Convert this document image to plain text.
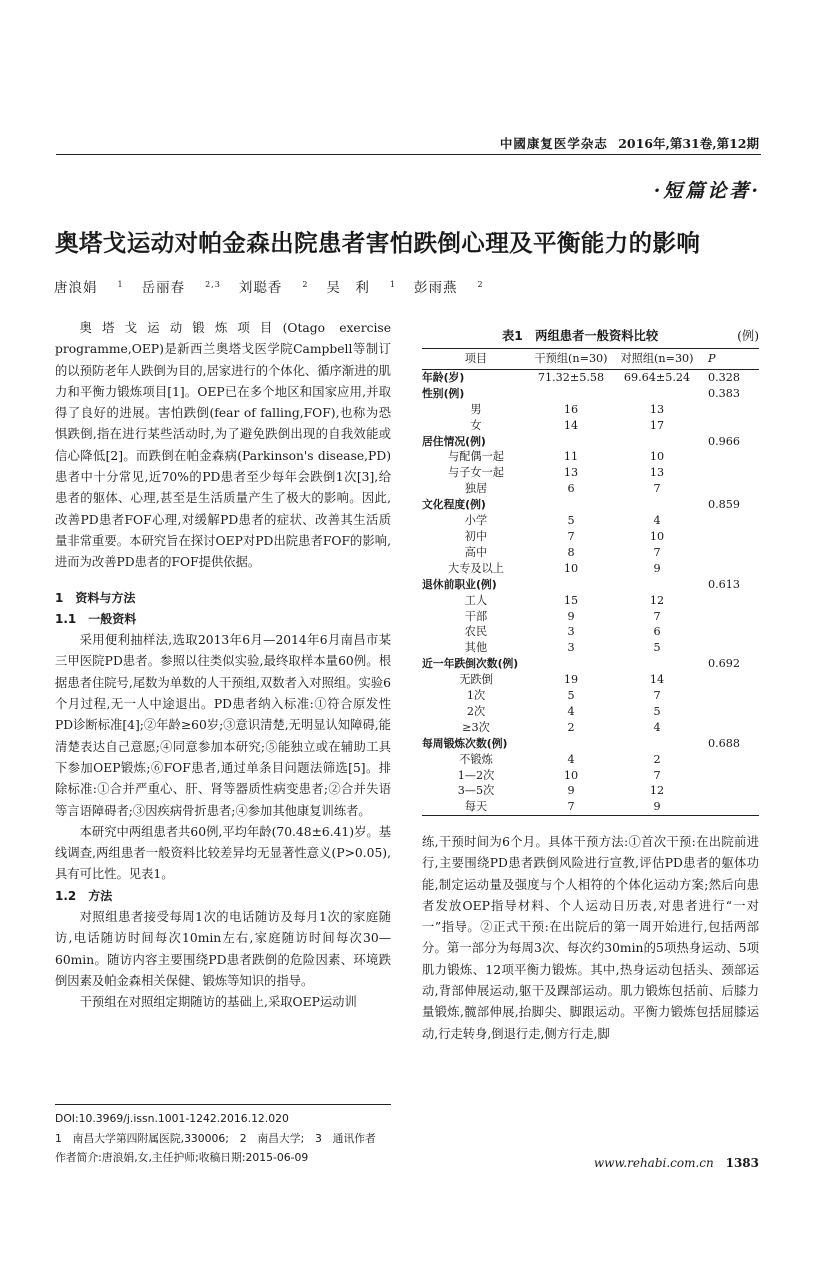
中國康复医学杂志 2016年,第31卷,第12期
·短篇论著·
奥塔戈运动对帕金森出院患者害怕跌倒心理及平衡能力的影响
唐浪娟	$^1$ 岳丽春	$^{2,3}$ 刘聪香	$^2$ 吴　利	$^1$ 彭雨燕	$^2$

奥塔戈运动锻炼项目(Otago exercise programme,OEP)是新西兰奥塔戈医学院Campbell等制订的以预防老年人跌倒为目的,居家进行的个体化、循序渐进的肌力和平衡力锻炼项目[1]。OEP已在多个地区和国家应用,并取得了良好的进展。害怕跌倒(fear of falling,FOF),也称为恐惧跌倒,指在进行某些活动时,为了避免跌倒出现的自我效能或信心降低[2]。而跌倒在帕金森病(Parkinson's disease,PD)患者中十分常见,近70%的PD患者至少每年会跌倒1次[3],给患者的躯体、心理,甚至是生活质量产生了极大的影响。因此,改善PD患者FOF心理,对缓解PD患者的症状、改善其生活质量非常重要。本研究旨在探讨OEP对PD出院患者FOF的影响,进而为改善PD患者的FOF提供依据。

1　资料与方法
1.1　一般资料

采用便利抽样法,选取2013年6月—2014年6月南昌市某三甲医院PD患者。参照以往类似实验,最终取样本量60例。根据患者住院号,尾数为单数的人干预组,双数者入对照组。实验6个月过程,无一人中途退出。PD患者纳入标准:①符合原发性PD诊断标准[4];②年龄≥60岁;③意识清楚,无明显认知障碍,能清楚表达自己意愿;④同意参加本研究;⑤能独立或在辅助工具下参加OEP锻炼;⑥FOF患者,通过单条目问题法筛选[5]。排除标准:①合并严重心、肝、肾等器质性病变患者;②合并失语等言语障碍者;③因疾病骨折患者;④参加其他康复训练者。

本研究中两组患者共60例,平均年龄(70.48±6.41)岁。基线调查,两组患者一般资料比较差异均无显著性意义(P>0.05),具有可比性。见表1。

1.2　方法

对照组患者接受每周1次的电话随访及每月1次的家庭随访,电话随访时间每次10min左右,家庭随访时间每次30—60min。随访内容主要围绕PD患者跌倒的危险因素、环境跌倒因素及帕金森相关保健、锻炼等知识的指导。

干预组在对照组定期随访的基础上,采取OEP运动训

表1　 两组患者一般资料比较	(例)
项目	干预组(n=30)	对照组(n=30)	P
年龄(岁)	71.32±5.58	69.64±5.24	0.328
性别(例)			0.383
男	16	13	
女	14	17	
居住情况(例)			0.966
与配偶一起	11	10	
与子女一起	13	13	
独居	6	7	
文化程度(例)			0.859
小学	5	4	
初中	7	10	
高中	8	7	
大专及以上	10	9	
退休前职业(例)			0.613
工人	15	12	
干部	9	7	
农民	3	6	
其他	3	5	
近一年跌倒次数(例)			0.692
无跌倒	19	14	
1次	5	7	
2次	4	5	
≥3次	2	4	
每周锻炼次数(例)			0.688
不锻炼	4	2	
1—2次	10	7	
3—5次	9	12	
每天	7	9	

练,干预时间为6个月。具体干预方法:①首次干预:在出院前进行,主要围绕PD患者跌倒风险进行宣教,评估PD患者的躯体功能,制定运动量及强度与个人相符的个体化运动方案;然后向患者发放OEP指导材料、个人运动日历表,对患者进行“一对一”指导。②正式干预:在出院后的第一周开始进行,包括两部分。第一部分为每周3次、每次约30min的5项热身运动、5项肌力锻炼、12项平衡力锻炼。其中,热身运动包括头、颈部运动,背部伸展运动,躯干及踝部运动。肌力锻炼包括前、后膝力量锻炼,髋部伸展,抬脚尖、脚跟运动。平衡力锻炼包括屈膝运动,行走转身,倒退行走,侧方行走,脚

DOI:10.3969/j.issn.1001-1242.2016.12.020
1　南昌大学第四附属医院,330006;　2　南昌大学;　3　通讯作者
作者简介:唐浪娟,女,主任护师;收稿日期:2015-06-09	www.rehabi.com.cn 1383
